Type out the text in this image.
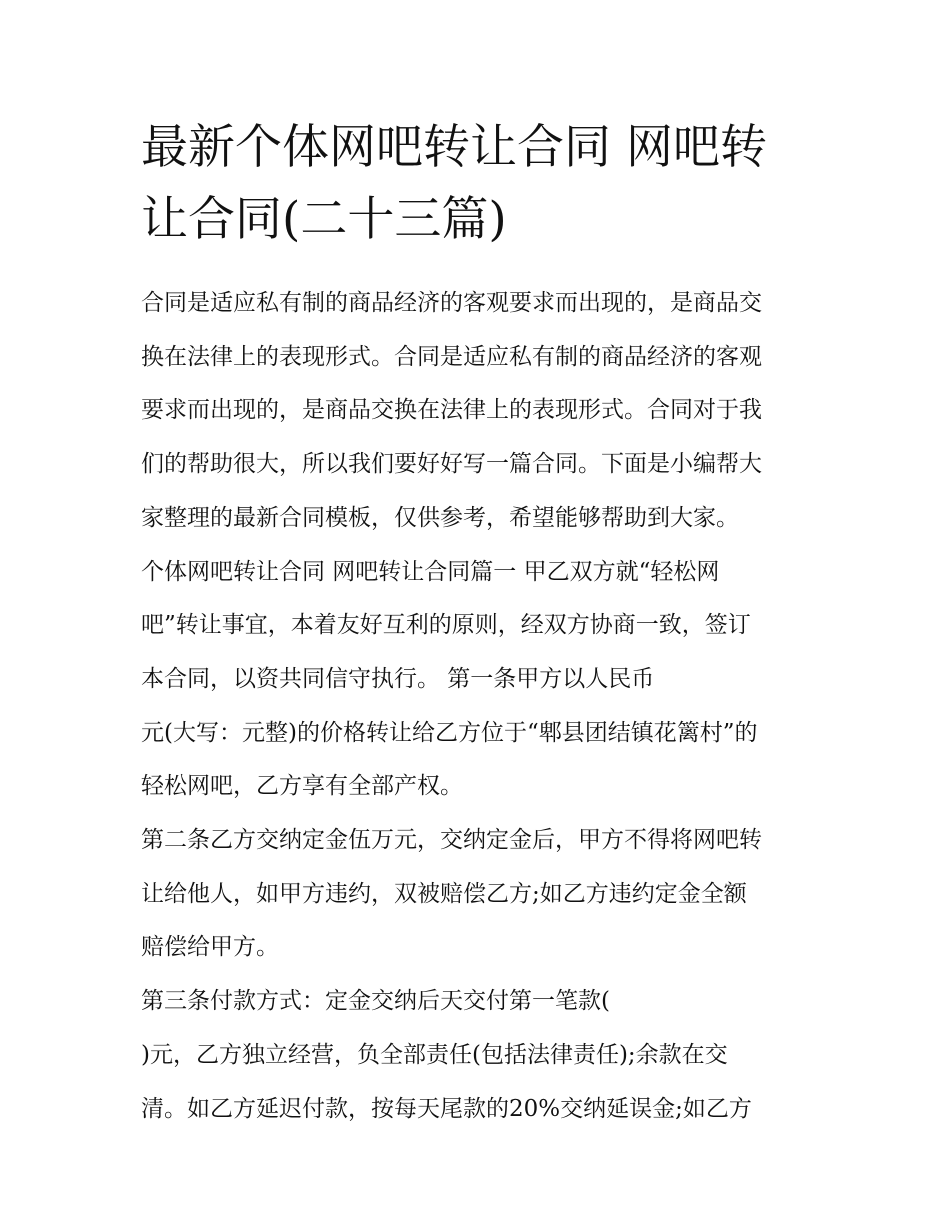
最新个体网吧转让合同 网吧转
让合同(二十三篇)
合同是适应私有制的商品经济的客观要求而出现的，是商品交
换在法律上的表现形式。合同是适应私有制的商品经济的客观
要求而出现的，是商品交换在法律上的表现形式。合同对于我
们的帮助很大，所以我们要好好写一篇合同。下面是小编帮大
家整理的最新合同模板，仅供参考，希望能够帮助到大家。
个体网吧转让合同 网吧转让合同篇一 甲乙双方就“轻松网
吧”转让事宜，本着友好互利的原则，经双方协商一致，签订
本合同，以资共同信守执行。 第一条甲方以人民币
元(大写：元整)的价格转让给乙方位于“郫县团结镇花篱村”的
轻松网吧，乙方享有全部产权。
第二条乙方交纳定金伍万元，交纳定金后，甲方不得将网吧转
让给他人，如甲方违约，双被赔偿乙方;如乙方违约定金全额
赔偿给甲方。
第三条付款方式：定金交纳后天交付第一笔款(
)元，乙方独立经营，负全部责任(包括法律责任);余款在交
清。如乙方延迟付款，按每天尾款的20%交纳延误金;如乙方
